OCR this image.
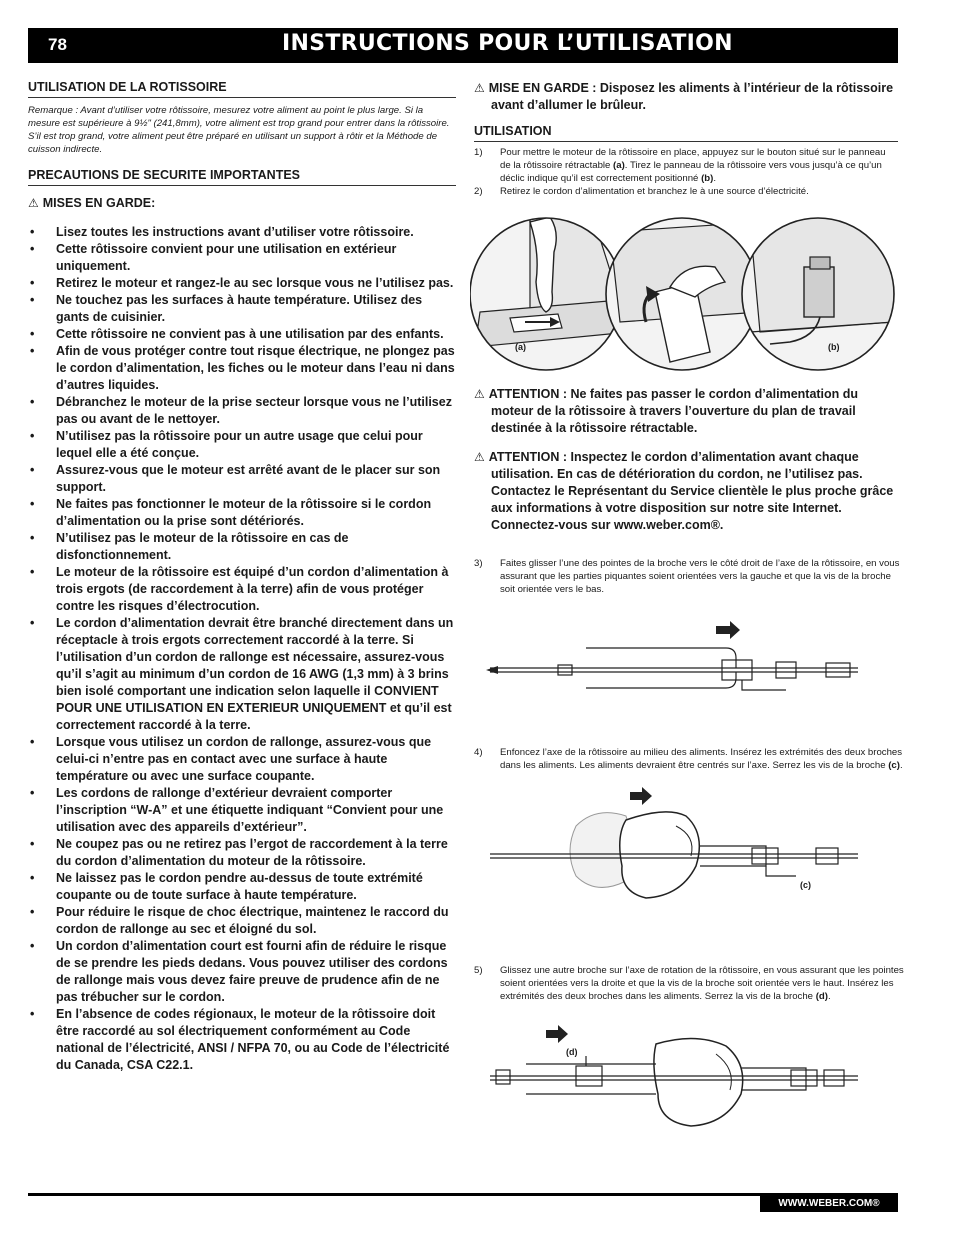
78	INSTRUCTIONS POUR L’UTILISATION
UTILISATION DE LA ROTISSOIRE

Remarque : Avant d’utiliser votre rôtissoire, mesurez votre aliment au point le plus large. Si la mesure est supérieure à 9½" (241,8mm), votre aliment est trop grand pour entrer dans la rôtissoire. S’il est trop grand, votre aliment peut être préparé en utilisant un support à rôtir et la Méthode de cuisson indirecte.

PRECAUTIONS DE SECURITE IMPORTANTES
⚠ MISES EN GARDE:
• Lisez toutes les instructions avant d’utiliser votre rôtissoire.
• Cette rôtissoire convient pour une utilisation en extérieur uniquement.
• Retirez le moteur et rangez-le au sec lorsque vous ne l’utilisez pas.
• Ne touchez pas les surfaces à haute température. Utilisez des gants de cuisinier.
• Cette rôtissoire ne convient pas à une utilisation par des enfants.
• Afin de vous protéger contre tout risque électrique, ne plongez pas le cordon d’alimentation, les fiches ou le moteur dans l’eau ni dans d’autres liquides.
• Débranchez le moteur de la prise secteur lorsque vous ne l’utilisez pas ou avant de le nettoyer.
• N’utilisez pas la rôtissoire pour un autre usage que celui pour lequel elle a été conçue.
• Assurez-vous que le moteur est arrêté avant de le placer sur son support.
• Ne faites pas fonctionner le moteur de la rôtissoire si le cordon d’alimentation ou la prise sont détériorés.
• N’utilisez pas le moteur de la rôtissoire en cas de disfonctionnement.
• Le moteur de la rôtissoire est équipé d’un cordon d’alimentation à trois ergots (de raccordement à la terre) afin de vous protéger contre les risques d’électrocution.
• Le cordon d’alimentation devrait être branché directement dans un réceptacle à trois ergots correctement raccordé à la terre. Si l’utilisation d’un cordon de rallonge est nécessaire, assurez-vous qu’il s’agit au minimum d’un cordon de 16 AWG (1,3 mm) à 3 brins bien isolé comportant une indication selon laquelle il CONVIENT POUR UNE UTILISATION EN EXTERIEUR UNIQUEMENT et qu’il est correctement raccordé à la terre.
• Lorsque vous utilisez un cordon de rallonge, assurez-vous que celui-ci n’entre pas en contact avec une surface à haute température ou avec une surface coupante.
• Les cordons de rallonge d’extérieur devraient comporter l’inscription “W-A” et une étiquette indiquant “Convient pour une utilisation avec des appareils d’extérieur”.
• Ne coupez pas ou ne retirez pas l’ergot de raccordement à la terre du cordon d’alimentation du moteur de la rôtissoire.
• Ne laissez pas le cordon pendre au-dessus de toute extrémité coupante ou de toute surface à haute température.
• Pour réduire le risque de choc électrique, maintenez le raccord du cordon de rallonge au sec et éloigné du sol.
• Un cordon d’alimentation court est fourni afin de réduire le risque de se prendre les pieds dedans. Vous pouvez utiliser des cordons de rallonge mais vous devez faire preuve de prudence afin de ne pas trébucher sur le cordon.
• En l’absence de codes régionaux, le moteur de la rôtissoire doit être raccordé au sol électriquement conformément au Code national de l’électricité, ANSI / NFPA 70, ou au Code de l’électricité du Canada, CSA C22.1.
⚠ MISE EN GARDE : Disposez les aliments à l’intérieur de la rôtissoire avant d’allumer le brûleur.
UTILISATION
1) Pour mettre le moteur de la rôtissoire en place, appuyez sur le bouton situé sur le panneau de la rôtissoire rétractable (a). Tirez le panneau de la rôtissoire vers vous jusqu’à ce qu’un déclic indique qu’il est correctement positionné (b).
2) Retirez le cordon d’alimentation et branchez le à une source d’électricité.
(a)	(b)
⚠ ATTENTION : Ne faites pas passer le cordon d’alimentation du moteur de la rôtissoire à travers l’ouverture du plan de travail destinée à la rôtissoire rétractable.
⚠ ATTENTION : Inspectez le cordon d’alimentation avant chaque utilisation. En cas de détérioration du cordon, ne l’utilisez pas. Contactez le Représentant du Service clientèle le plus proche grâce aux informations à votre disposition sur notre site Internet. Connectez-vous sur www.weber.com®.
3) Faites glisser l’une des pointes de la broche vers le côté droit de l’axe de la rôtissoire, en vous assurant que les parties piquantes soient orientées vers la gauche et que la vis de la broche soit orientée vers le bas.
4) Enfoncez l’axe de la rôtissoire au milieu des aliments. Insérez les extrémités des deux broches dans les aliments. Les aliments devraient être centrés sur l’axe. Serrez les vis de la broche (c).
(c)
5) Glissez une autre broche sur l’axe de rotation de la rôtissoire, en vous assurant que les pointes soient orientées vers la droite et que la vis de la broche soit orientée vers le haut. Insérez les extrémités des deux broches dans les aliments. Serrez la vis de la broche (d).
(d)
WWW.WEBER.COM®
